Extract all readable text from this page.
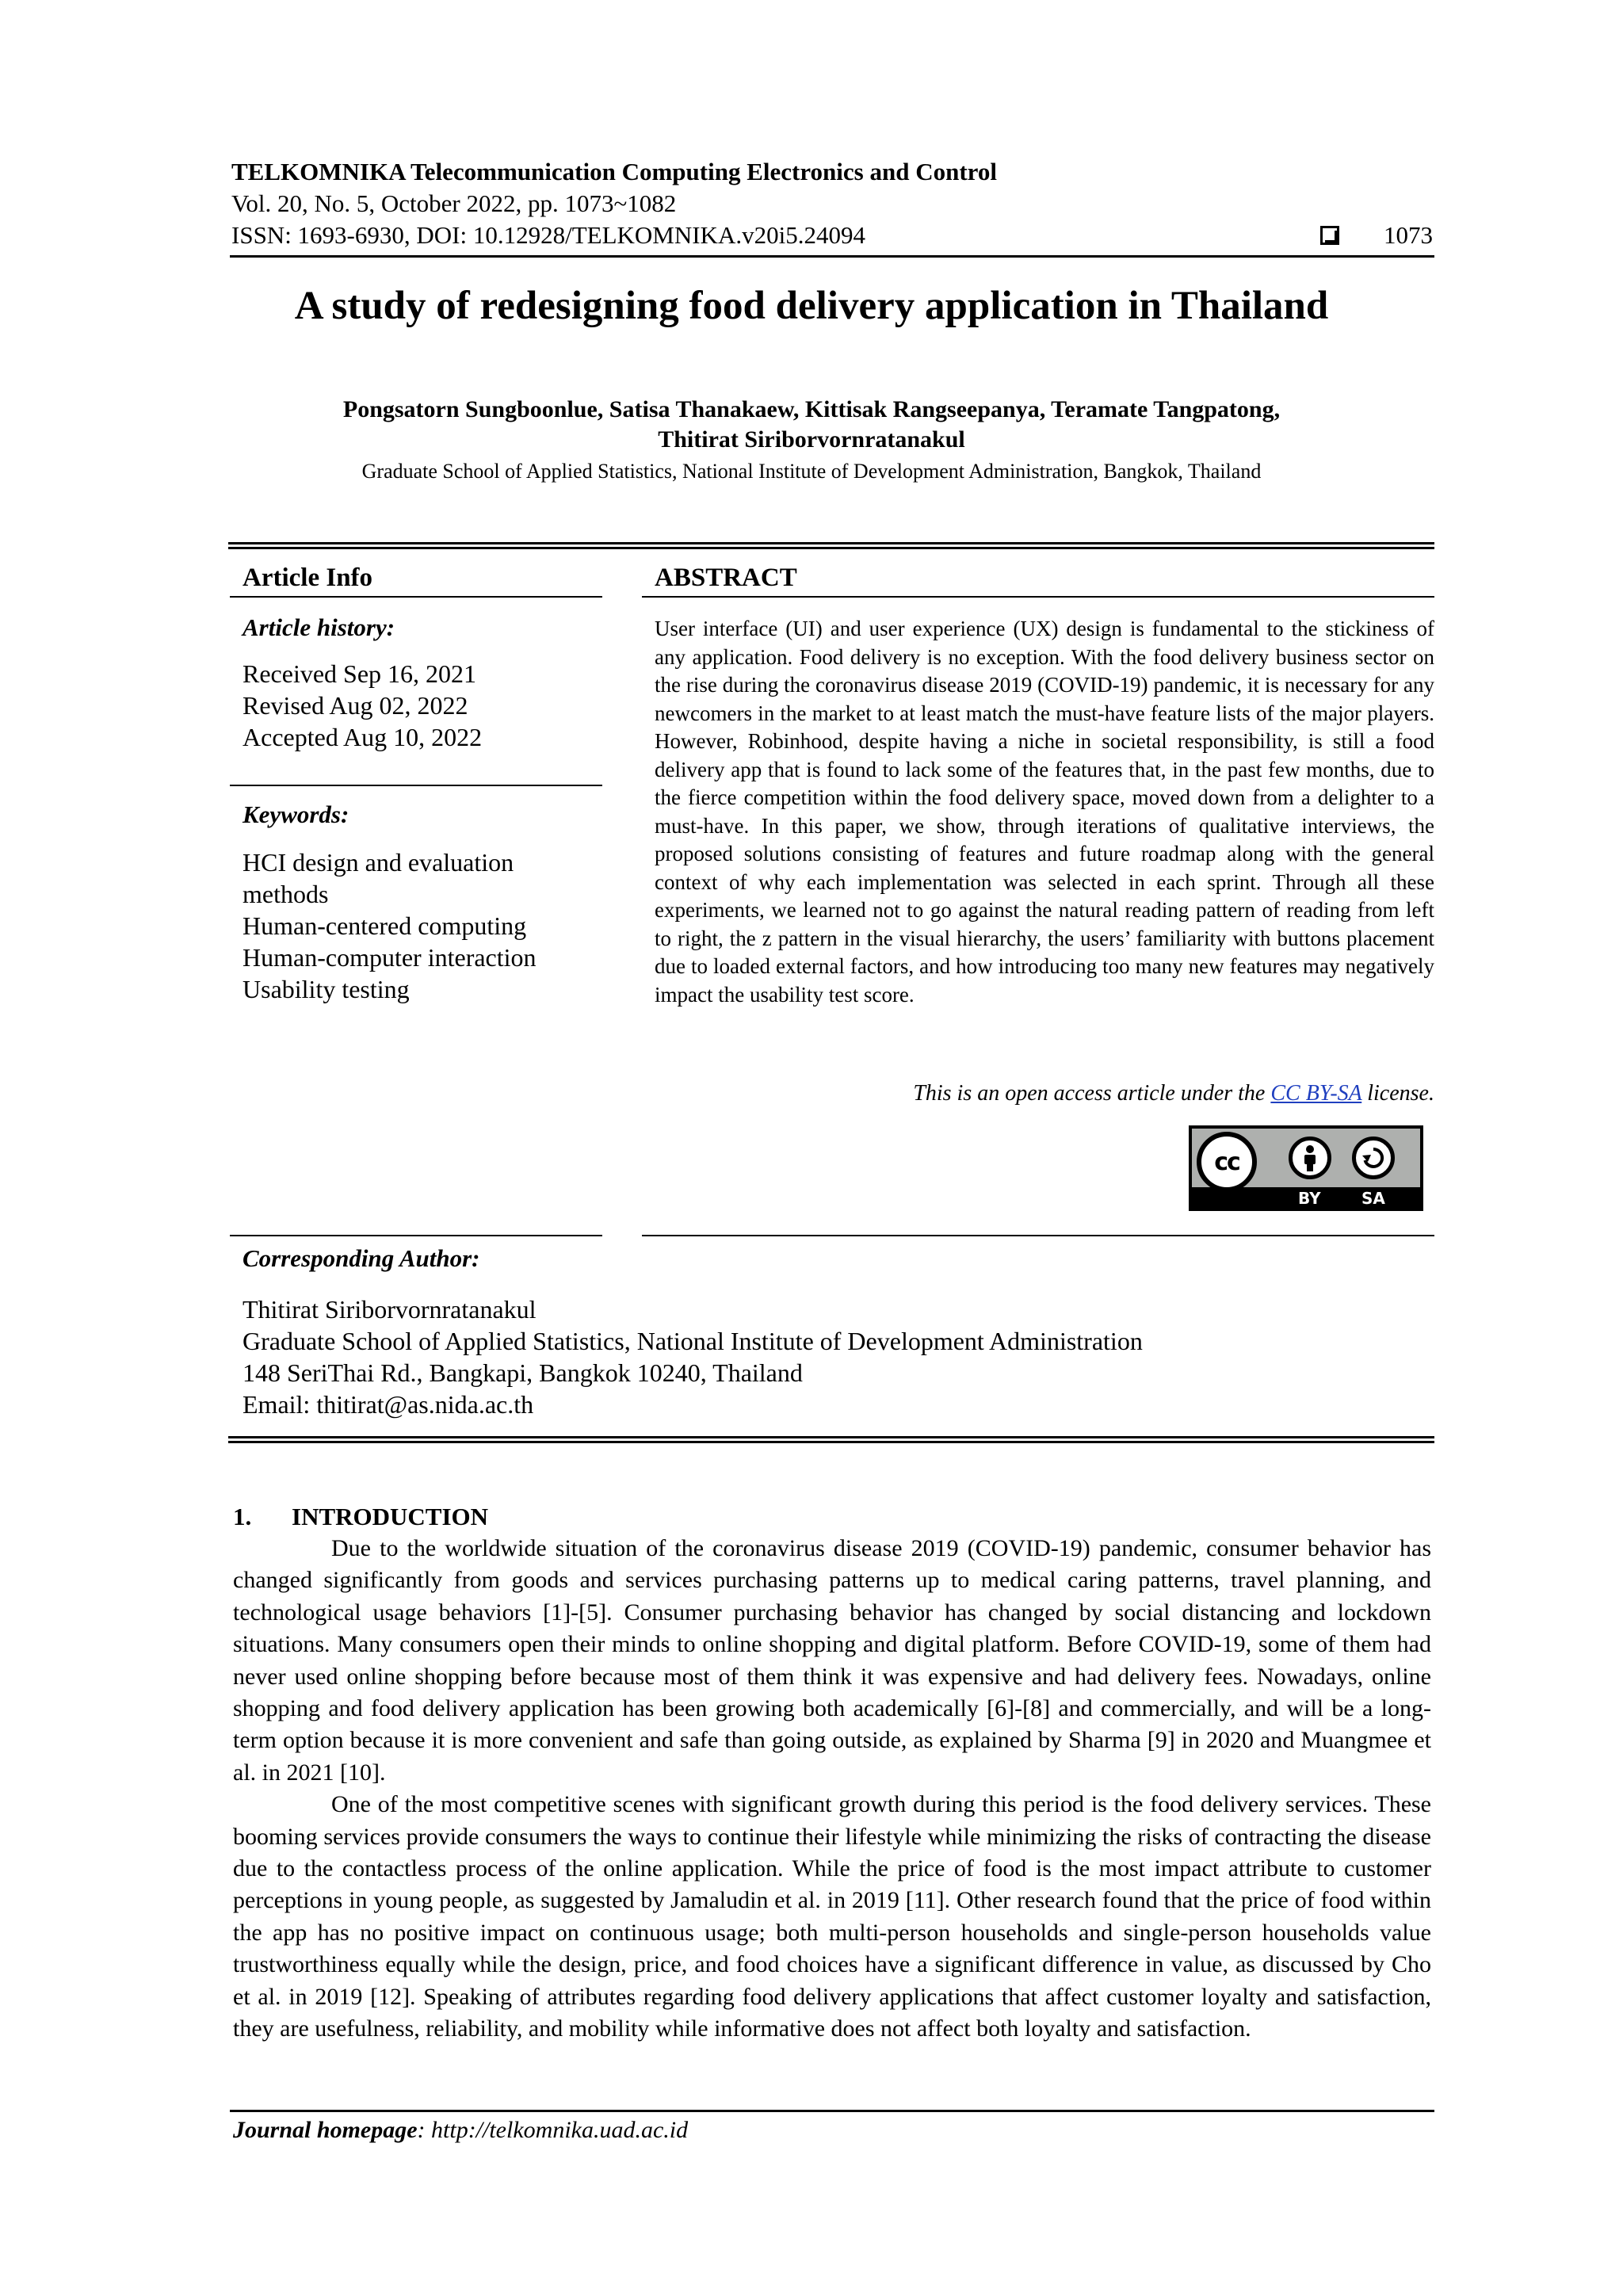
TELKOMNIKA Telecommunication Computing Electronics and Control
Vol. 20, No. 5, October 2022, pp. 1073~1082
ISSN: 1693-6930, DOI: 10.12928/TELKOMNIKA.v20i5.24094	1073
A study of redesigning food delivery application in Thailand
Pongsatorn Sungboonlue, Satisa Thanakaew, Kittisak Rangseepanya, Teramate Tangpatong,
Thitirat Siriborvornratanakul
Graduate School of Applied Statistics, National Institute of Development Administration, Bangkok, Thailand
Article Info
Article history:
Received Sep 16, 2021
Revised Aug 02, 2022
Accepted Aug 10, 2022
Keywords:
HCI design and evaluation
methods
Human-centered computing
Human-computer interaction
Usability testing
ABSTRACT
User interface (UI) and user experience (UX) design is fundamental to the stickiness of any application. Food delivery is no exception. With the food delivery business sector on the rise during the coronavirus disease 2019 (COVID-19) pandemic, it is necessary for any newcomers in the market to at least match the must-have feature lists of the major players. However, Robinhood, despite having a niche in societal responsibility, is still a food delivery app that is found to lack some of the features that, in the past few months, due to the fierce competition within the food delivery space, moved down from a delighter to a must-have. In this paper, we show, through iterations of qualitative interviews, the proposed solutions consisting of features and future roadmap along with the general context of why each implementation was selected in each sprint. Through all these experiments, we learned not to go against the natural reading pattern of reading from left to right, the z pattern in the visual hierarchy, the users’ familiarity with buttons placement due to loaded external factors, and how introducing too many new features may negatively impact the usability test score.
This is an open access article under the CC BY-SA license.
cc
BY	SA
Corresponding Author:
Thitirat Siriborvornratanakul
Graduate School of Applied Statistics, National Institute of Development Administration
148 SeriThai Rd., Bangkapi, Bangkok 10240, Thailand
Email: thitirat@as.nida.ac.th
1. INTRODUCTION

Due to the worldwide situation of the coronavirus disease 2019 (COVID-19) pandemic, consumer behavior has changed significantly from goods and services purchasing patterns up to medical caring patterns, travel planning, and technological usage behaviors [1]-[5]. Consumer purchasing behavior has changed by social distancing and lockdown situations. Many consumers open their minds to online shopping and digital platform. Before COVID-19, some of them had never used online shopping before because most of them think it was expensive and had delivery fees. Nowadays, online shopping and food delivery application has been growing both academically [6]-[8] and commercially, and will be a long-term option because it is more convenient and safe than going outside, as explained by Sharma [9] in 2020 and Muangmee et al. in 2021 [10].

One of the most competitive scenes with significant growth during this period is the food delivery services. These booming services provide consumers the ways to continue their lifestyle while minimizing the risks of contracting the disease due to the contactless process of the online application. While the price of food is the most impact attribute to customer perceptions in young people, as suggested by Jamaludin et al. in 2019 [11]. Other research found that the price of food within the app has no positive impact on continuous usage; both multi-person households and single-person households value trustworthiness equally while the design, price, and food choices have a significant difference in value, as discussed by Cho et al. in 2019 [12]. Speaking of attributes regarding food delivery applications that affect customer loyalty and satisfaction, they are usefulness, reliability, and mobility while informative does not affect both loyalty and satisfaction.

Journal homepage: http://telkomnika.uad.ac.id
